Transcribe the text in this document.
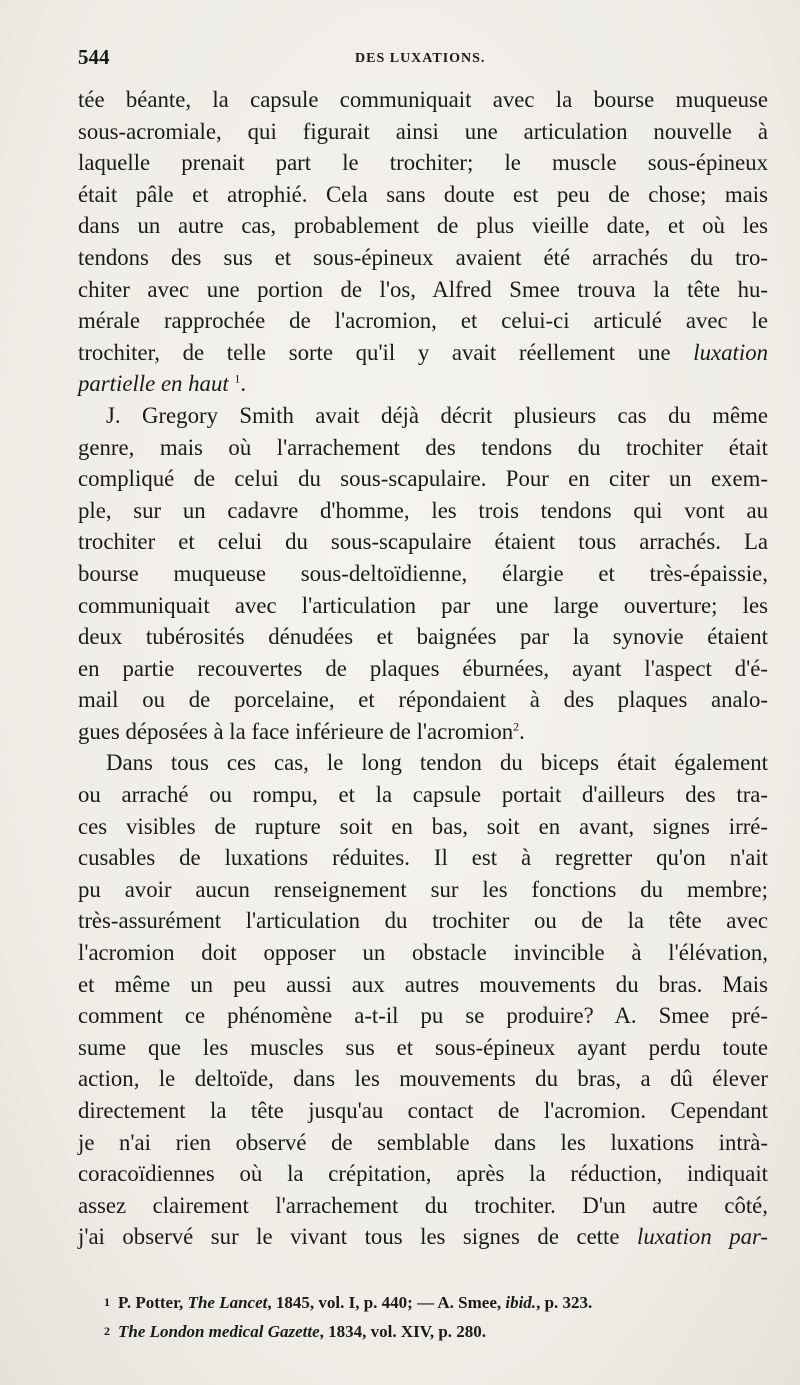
544	DES LUXATIONS.
tée béante, la capsule communiquait avec la bourse muqueuse
sous-acromiale, qui figurait ainsi une articulation nouvelle à
laquelle prenait part le trochiter; le muscle sous-épineux
était pâle et atrophié. Cela sans doute est peu de chose; mais
dans un autre cas, probablement de plus vieille date, et où les
tendons des sus et sous-épineux avaient été arrachés du tro-
chiter avec une portion de l'os, Alfred Smee trouva la tête hu-
mérale rapprochée de l'acromion, et celui-ci articulé avec le
trochiter, de telle sorte qu'il y avait réellement une luxation
partielle en haut $^1$.
J. Gregory Smith avait déjà décrit plusieurs cas du même
genre, mais où l'arrachement des tendons du trochiter était
compliqué de celui du sous-scapulaire. Pour en citer un exem-
ple, sur un cadavre d'homme, les trois tendons qui vont au
trochiter et celui du sous-scapulaire étaient tous arrachés. La
bourse muqueuse sous-deltoïdienne, élargie et très-épaissie,
communiquait avec l'articulation par une large ouverture; les
deux tubérosités dénudées et baignées par la synovie étaient
en partie recouvertes de plaques éburnées, ayant l'aspect d'é-
mail ou de porcelaine, et répondaient à des plaques analo-
gues déposées à la face inférieure de l'acromion$^2$.
Dans tous ces cas, le long tendon du biceps était également
ou arraché ou rompu, et la capsule portait d'ailleurs des tra-
ces visibles de rupture soit en bas, soit en avant, signes irré-
cusables de luxations réduites. Il est à regretter qu'on n'ait
pu avoir aucun renseignement sur les fonctions du membre;
très-assurément l'articulation du trochiter ou de la tête avec
l'acromion doit opposer un obstacle invincible à l'élévation,
et même un peu aussi aux autres mouvements du bras. Mais
comment ce phénomène a-t-il pu se produire? A. Smee pré-
sume que les muscles sus et sous-épineux ayant perdu toute
action, le deltoïde, dans les mouvements du bras, a dû élever
directement la tête jusqu'au contact de l'acromion. Cependant
je n'ai rien observé de semblable dans les luxations intrà-
coracoïdiennes où la crépitation, après la réduction, indiquait
assez clairement l'arrachement du trochiter. D'un autre côté,
j'ai observé sur le vivant tous les signes de cette luxation par-
$^1$ P. Potter, The Lancet, 1845, vol. I, p. 440; — A. Smee, ibid., p. 323.
$^2$ The London medical Gazette, 1834, vol. XIV, p. 280.
